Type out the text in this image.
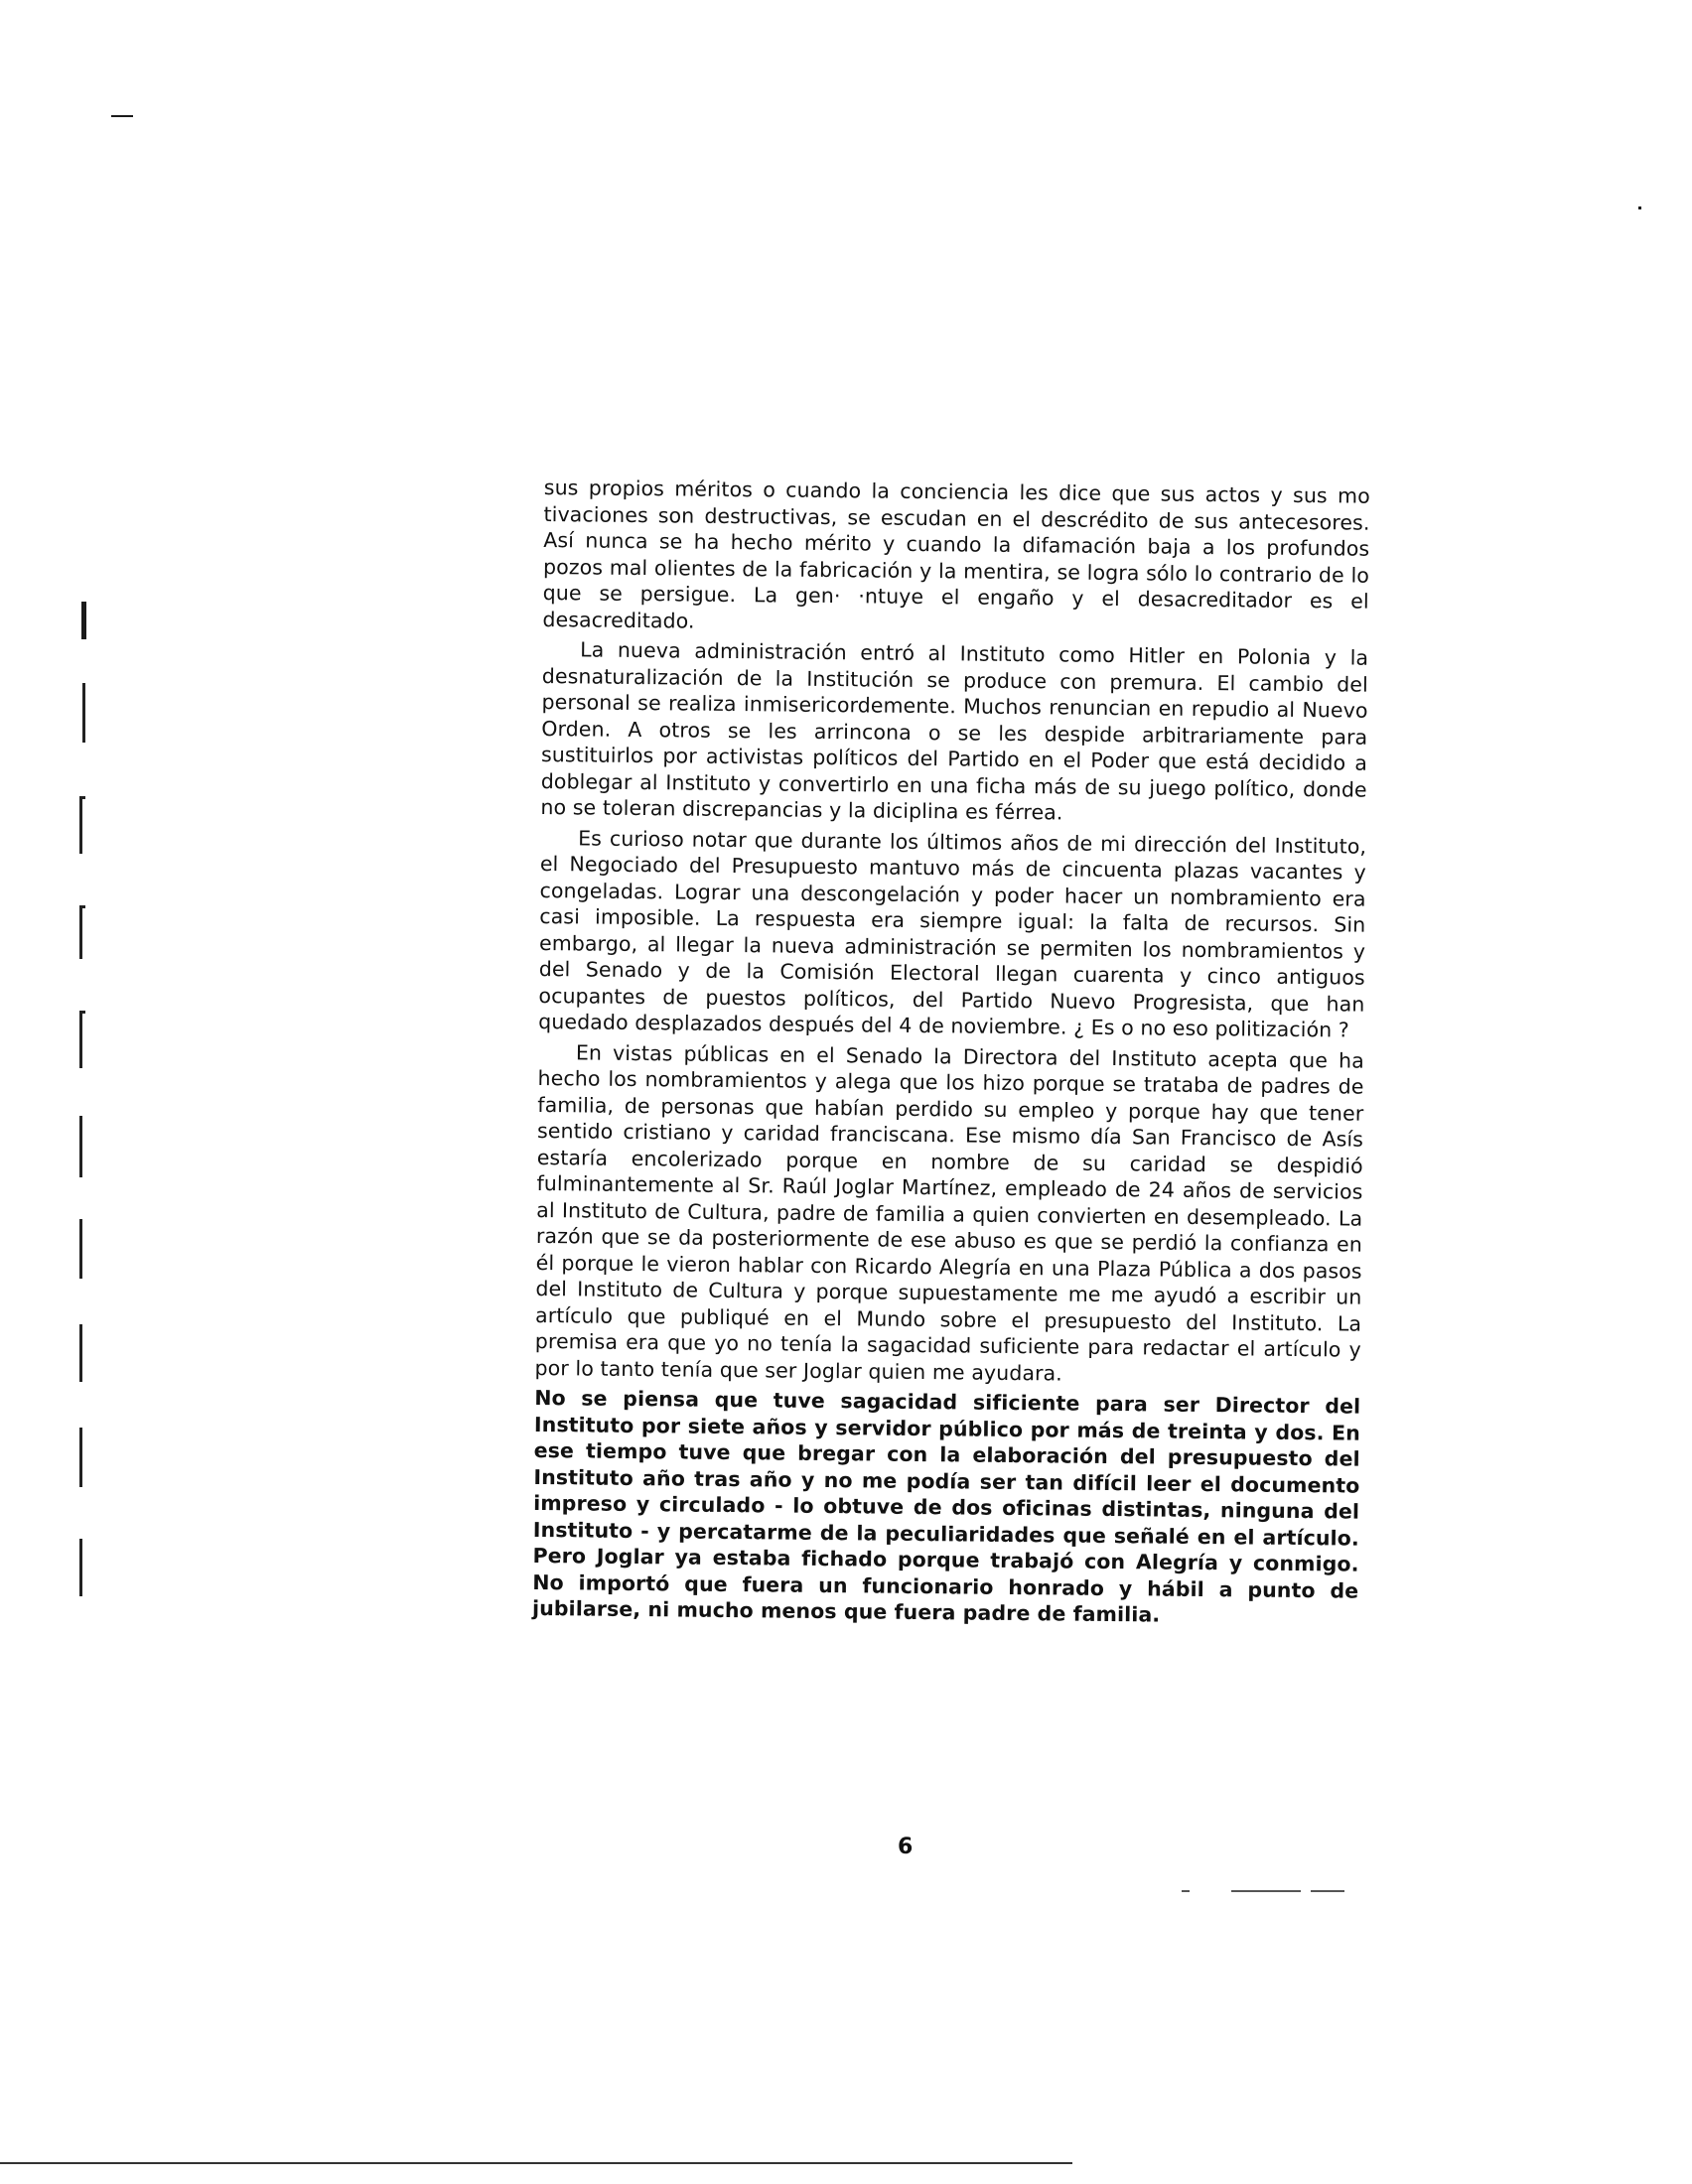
sus propios méritos o cuando la conciencia les dice que sus actos y sus mo tivaciones son destructivas, se escudan en el descrédito de sus antecesores. Así nunca se ha hecho mérito y cuando la difamación baja a los profundos pozos mal olientes de la fabricación y la mentira, se logra sólo lo contrario de lo que se persigue. La gen· ·ntuye el engaño y el desacreditador es el desacreditado.

La nueva administración entró al Instituto como Hitler en Polonia y la desnaturalización de la Institución se produce con premura. El cambio del personal se realiza inmisericordemente. Muchos renuncian en repudio al Nuevo Orden. A otros se les arrincona o se les despide arbitrariamente para sustituirlos por activistas políticos del Partido en el Poder que está decidido a doblegar al Instituto y convertirlo en una ficha más de su juego político, donde no se toleran discrepancias y la diciplina es férrea.

Es curioso notar que durante los últimos años de mi dirección del Instituto, el Negociado del Presupuesto mantuvo más de cincuenta plazas vacantes y congeladas. Lograr una descongelación y poder hacer un nombramiento era casi imposible. La respuesta era siempre igual: la falta de recursos. Sin embargo, al llegar la nueva administración se permiten los nombramientos y del Senado y de la Comisión Electoral llegan cuarenta y cinco antiguos ocupantes de puestos políticos, del Partido Nuevo Progresista, que han quedado desplazados después del 4 de noviembre. ¿ Es o no eso politización ?

En vistas públicas en el Senado la Directora del Instituto acepta que ha hecho los nombramientos y alega que los hizo porque se trataba de padres de familia, de personas que habían perdido su empleo y porque hay que tener sentido cristiano y caridad franciscana. Ese mismo día San Francisco de Asís estaría encolerizado porque en nombre de su caridad se despidió fulminantemente al Sr. Raúl Joglar Martínez, empleado de 24 años de servicios al Instituto de Cultura, padre de familia a quien convierten en desempleado. La razón que se da posteriormente de ese abuso es que se perdió la confianza en él porque le vieron hablar con Ricardo Alegría en una Plaza Pública a dos pasos del Instituto de Cultura y porque supuestamente me me ayudó a escribir un artículo que publiqué en el Mundo sobre el presupuesto del Instituto. La premisa era que yo no tenía la sagacidad suficiente para redactar el artículo y por lo tanto tenía que ser Joglar quien me ayudara.

No se piensa que tuve sagacidad sificiente para ser Director del Instituto por siete años y servidor público por más de treinta y dos. En ese tiempo tuve que bregar con la elaboración del presupuesto del Instituto año tras año y no me podía ser tan difícil leer el documento impreso y circulado - lo obtuve de dos oficinas distintas, ninguna del Instituto - y percatarme de la peculiaridades que señalé en el artículo. Pero Joglar ya estaba fichado porque trabajó con Alegría y conmigo. No importó que fuera un funcionario honrado y hábil a punto de jubilarse, ni mucho menos que fuera padre de familia.

6
